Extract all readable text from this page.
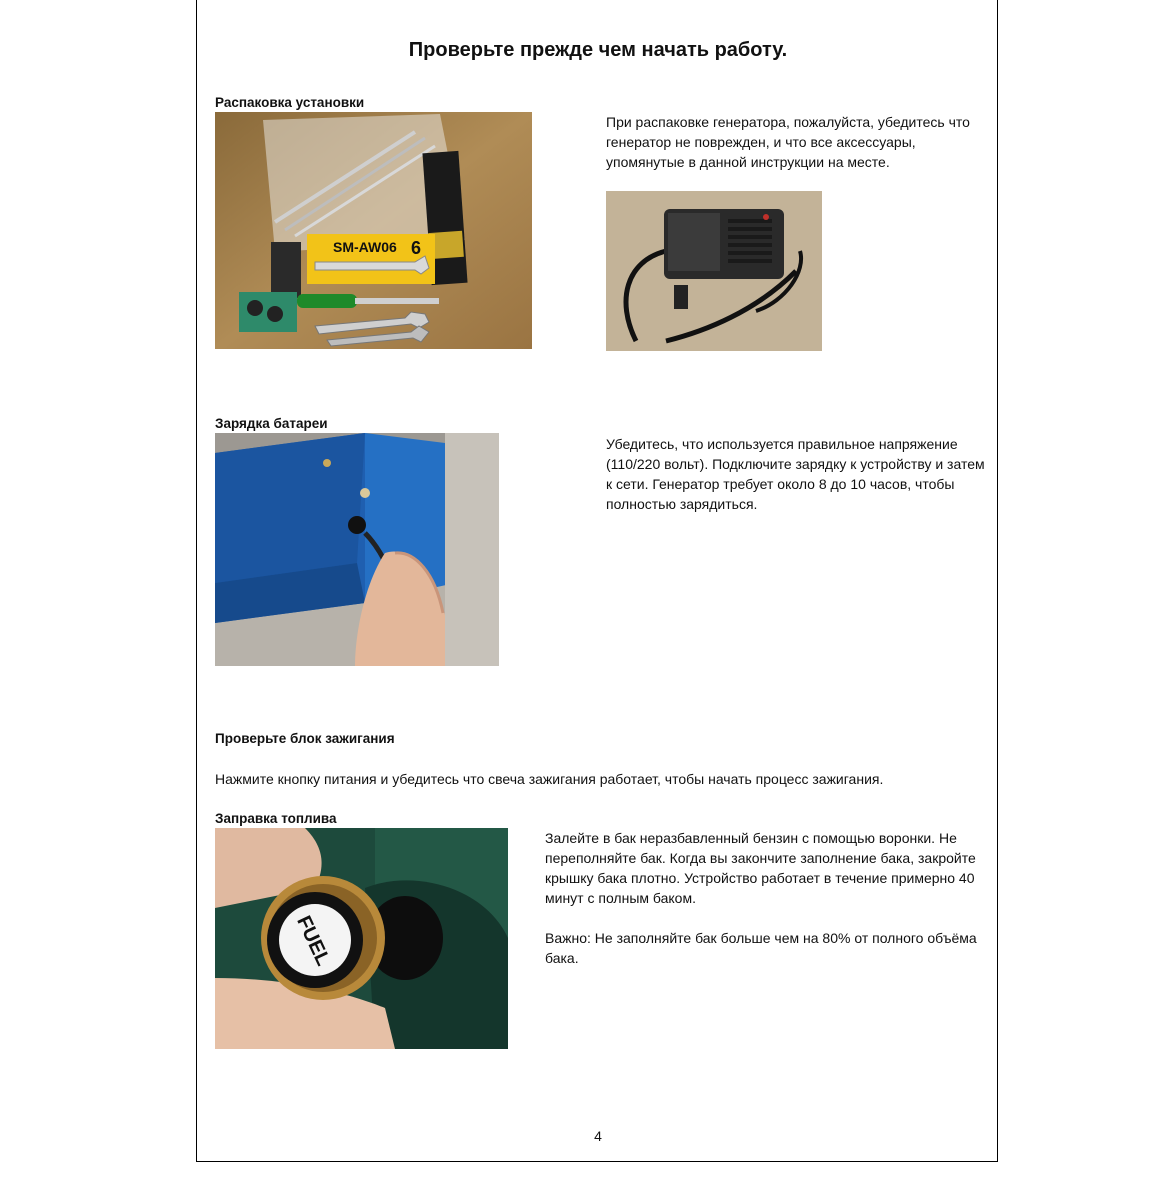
Проверьте прежде чем начать работу.
Распаковка установки
SM-AW06 6
При распаковке генератора, пожалуйста, убедитесь что генератор не поврежден, и что все аксессуары, упомянутые в данной инструкции на месте.
Зарядка батареи
Убедитесь, что используется правильное напряжение (110/220 вольт). Подключите зарядку к устройству и затем к сети. Генератор требует около 8 до 10 часов, чтобы полностью зарядиться.
Проверьте блок зажигания
Нажмите кнопку питания и убедитесь что свеча зажигания работает, чтобы начать процесс зажигания.
Заправка топлива
FUEL
Залейте в бак неразбавленный бензин с помощью воронки. Не переполняйте бак. Когда вы закончите заполнение бака, закройте крышку бака плотно. Устройство работает в течение примерно 40 минут с полным баком.
Важно: Не заполняйте бак больше чем на 80% от полного объёма бака.
4
